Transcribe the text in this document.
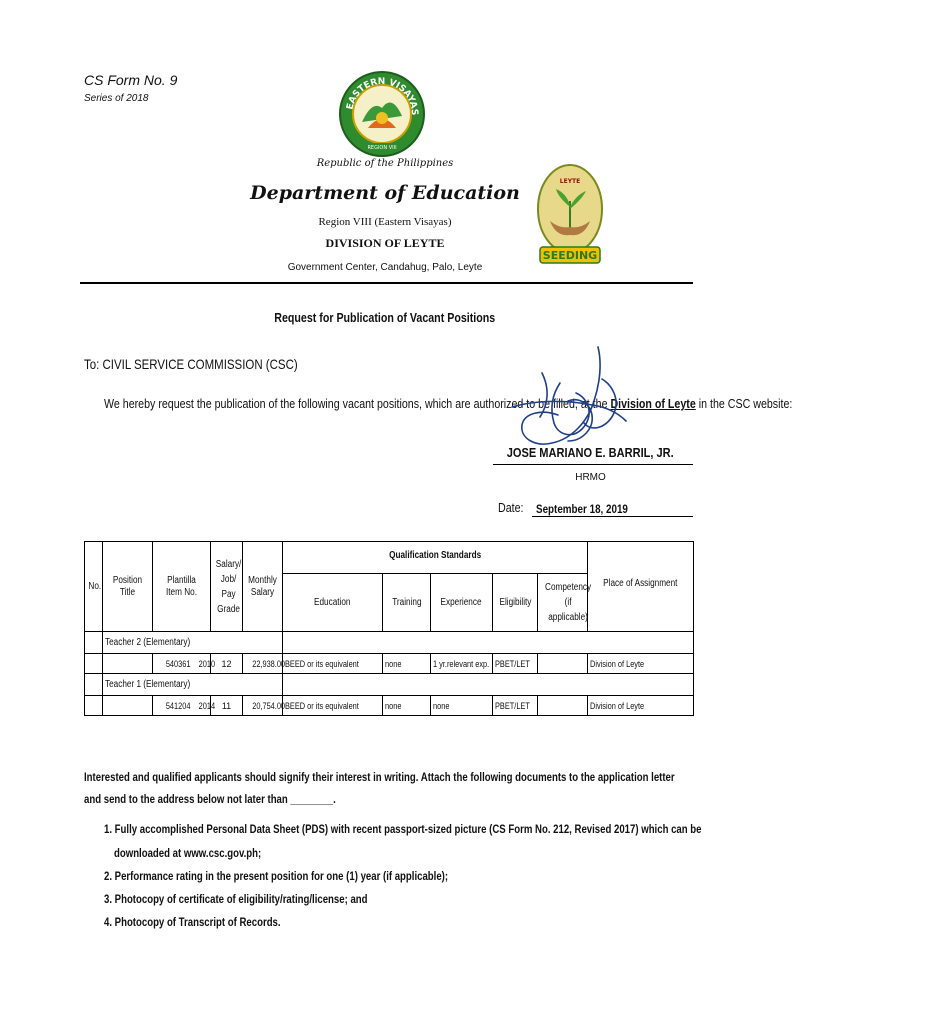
CS Form No. 9
Series of 2018
EASTERN VISAYAS
REGION VIII
LEYTE
SEEDING
Republic of the Philippines
Department of Education
Region VIII (Eastern Visayas)
DIVISION OF LEYTE
Government Center, Candahug, Palo, Leyte
Request for Publication of Vacant Positions
To: CIVIL SERVICE COMMISSION (CSC)
We hereby request the publication of the following vacant positions, which are authorized to be filled, at the Division of Leyte in the CSC website:
JOSE MARIANO E. BARRIL, JR.
HRMO
Date:	September 18, 2019
No.	Position Title	Plantilla Item No.	Salary/ Job/ Pay Grade	Monthly Salary	Qualification Standards					Place of Assignment
					Education	Training	Experience	Eligibility	Competency (if applicable)	
	Teacher 2 (Elementary)									
		540361 2010	12	22,938.00	BEED or its equivalent	none	1 yr.relevant exp.	PBET/LET		Division of Leyte
	Teacher 1 (Elementary)									
		541204 2014	11	20,754.00	BEED or its equivalent	none	none	PBET/LET		Division of Leyte
Interested and qualified applicants should signify their interest in writing. Attach the following documents to the application letter and send to the address below not later than ________.
1. Fully accomplished Personal Data Sheet (PDS) with recent passport-sized picture (CS Form No. 212, Revised 2017) which can be
downloaded at www.csc.gov.ph;
2. Performance rating in the present position for one (1) year (if applicable);
3. Photocopy of certificate of eligibility/rating/license; and
4. Photocopy of Transcript of Records.
